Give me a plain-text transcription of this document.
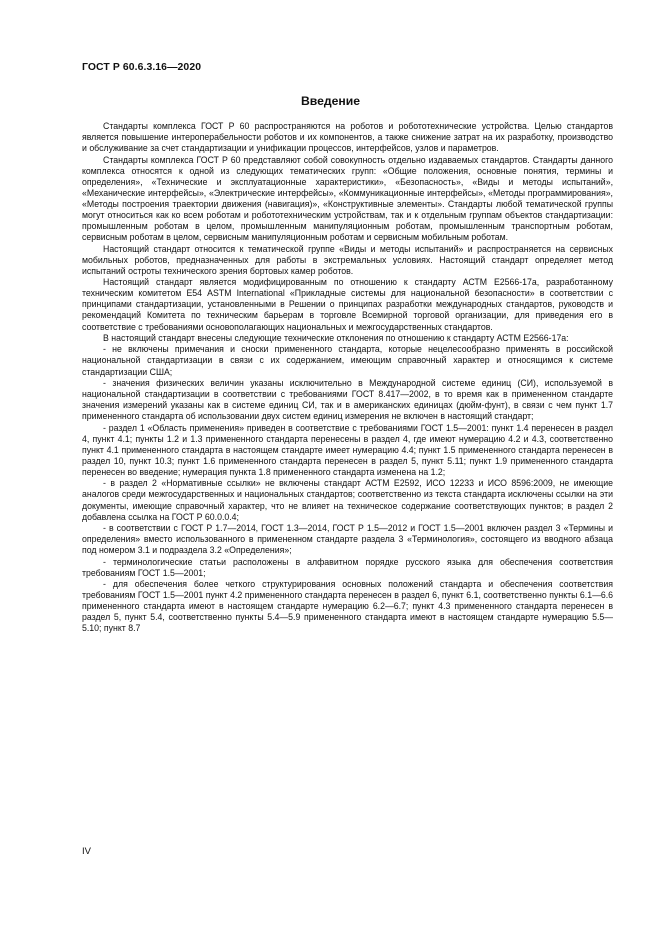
ГОСТ Р 60.6.3.16—2020
Введение

Стандарты комплекса ГОСТ Р 60 распространяются на роботов и робототехнические устройства. Целью стандартов является повышение интероперабельности роботов и их компонентов, а также снижение затрат на их разработку, производство и обслуживание за счет стандартизации и унификации процессов, интерфейсов, узлов и параметров.

Стандарты комплекса ГОСТ Р 60 представляют собой совокупность отдельно издаваемых стандартов. Стандарты данного комплекса относятся к одной из следующих тематических групп: «Общие положения, основные понятия, термины и определения», «Технические и эксплуатационные характеристики», «Безопасность», «Виды и методы испытаний», «Механические интерфейсы», «Электрические интерфейсы», «Коммуникационные интерфейсы», «Методы программирования», «Методы построения траектории движения (навигация)», «Конструктивные элементы». Стандарты любой тематической группы могут относиться как ко всем роботам и робототехническим устройствам, так и к отдельным группам объектов стандартизации: промышленным роботам в целом, промышленным манипуляционным роботам, промышленным транспортным роботам, сервисным роботам в целом, сервисным манипуляционным роботам и сервисным мобильным роботам.

Настоящий стандарт относится к тематической группе «Виды и методы испытаний» и распространяется на сервисных мобильных роботов, предназначенных для работы в экстремальных условиях. Настоящий стандарт определяет метод испытаний остроты технического зрения бортовых камер роботов.

Настоящий стандарт является модифицированным по отношению к стандарту АСТМ Е2566-17а, разработанному техническим комитетом Е54 ASTM International «Прикладные системы для национальной безопасности» в соответствии с принципами стандартизации, установленными в Решении о принципах разработки международных стандартов, руководств и рекомендаций Комитета по техническим барьерам в торговле Всемирной торговой организации, для приведения его в соответствие с требованиями основополагающих национальных и межгосударственных стандартов.

В настоящий стандарт внесены следующие технические отклонения по отношению к стандарту АСТМ Е2566-17а:

- не включены примечания и сноски примененного стандарта, которые нецелесообразно применять в российской национальной стандартизации в связи с их содержанием, имеющим справочный характер и относящимся к системе стандартизации США;

- значения физических величин указаны исключительно в Международной системе единиц (СИ), используемой в национальной стандартизации в соответствии с требованиями ГОСТ 8.417—2002, в то время как в примененном стандарте значения измерений указаны как в системе единиц СИ, так и в американских единицах (дюйм-фунт), в связи с чем пункт 1.7 примененного стандарта об использовании двух систем единиц измерения не включен в настоящий стандарт;

- раздел 1 «Область применения» приведен в соответствие с требованиями ГОСТ 1.5—2001: пункт 1.4 перенесен в раздел 4, пункт 4.1; пункты 1.2 и 1.3 примененного стандарта перенесены в раздел 4, где имеют нумерацию 4.2 и 4.3, соответственно пункт 4.1 примененного стандарта в настоящем стандарте имеет нумерацию 4.4; пункт 1.5 примененного стандарта перенесен в раздел 10, пункт 10.3; пункт 1.6 примененного стандарта перенесен в раздел 5, пункт 5.11; пункт 1.9 примененного стандарта перенесен во введение; нумерация пункта 1.8 примененного стандарта изменена на 1.2;

- в раздел 2 «Нормативные ссылки» не включены стандарт АСТМ Е2592, ИСО 12233 и ИСО 8596:2009, не имеющие аналогов среди межгосударственных и национальных стандартов; соответственно из текста стандарта исключены ссылки на эти документы, имеющие справочный характер, что не влияет на техническое содержание соответствующих пунктов; в раздел 2 добавлена ссылка на ГОСТ Р 60.0.0.4;

- в соответствии с ГОСТ Р 1.7—2014, ГОСТ 1.3—2014, ГОСТ Р 1.5—2012 и ГОСТ 1.5—2001 включен раздел 3 «Термины и определения» вместо использованного в примененном стандарте раздела 3 «Терминология», состоящего из вводного абзаца под номером 3.1 и подраздела 3.2 «Определения»;

- терминологические статьи расположены в алфавитном порядке русского языка для обеспечения соответствия требованиям ГОСТ 1.5—2001;

- для обеспечения более четкого структурирования основных положений стандарта и обеспечения соответствия требованиям ГОСТ 1.5—2001 пункт 4.2 примененного стандарта перенесен в раздел 6, пункт 6.1, соответственно пункты 6.1—6.6 примененного стандарта имеют в настоящем стандарте нумерацию 6.2—6.7; пункт 4.3 примененного стандарта перенесен в раздел 5, пункт 5.4, соответственно пункты 5.4—5.9 примененного стандарта имеют в настоящем стандарте нумерацию 5.5—5.10; пункт 8.7

IV
